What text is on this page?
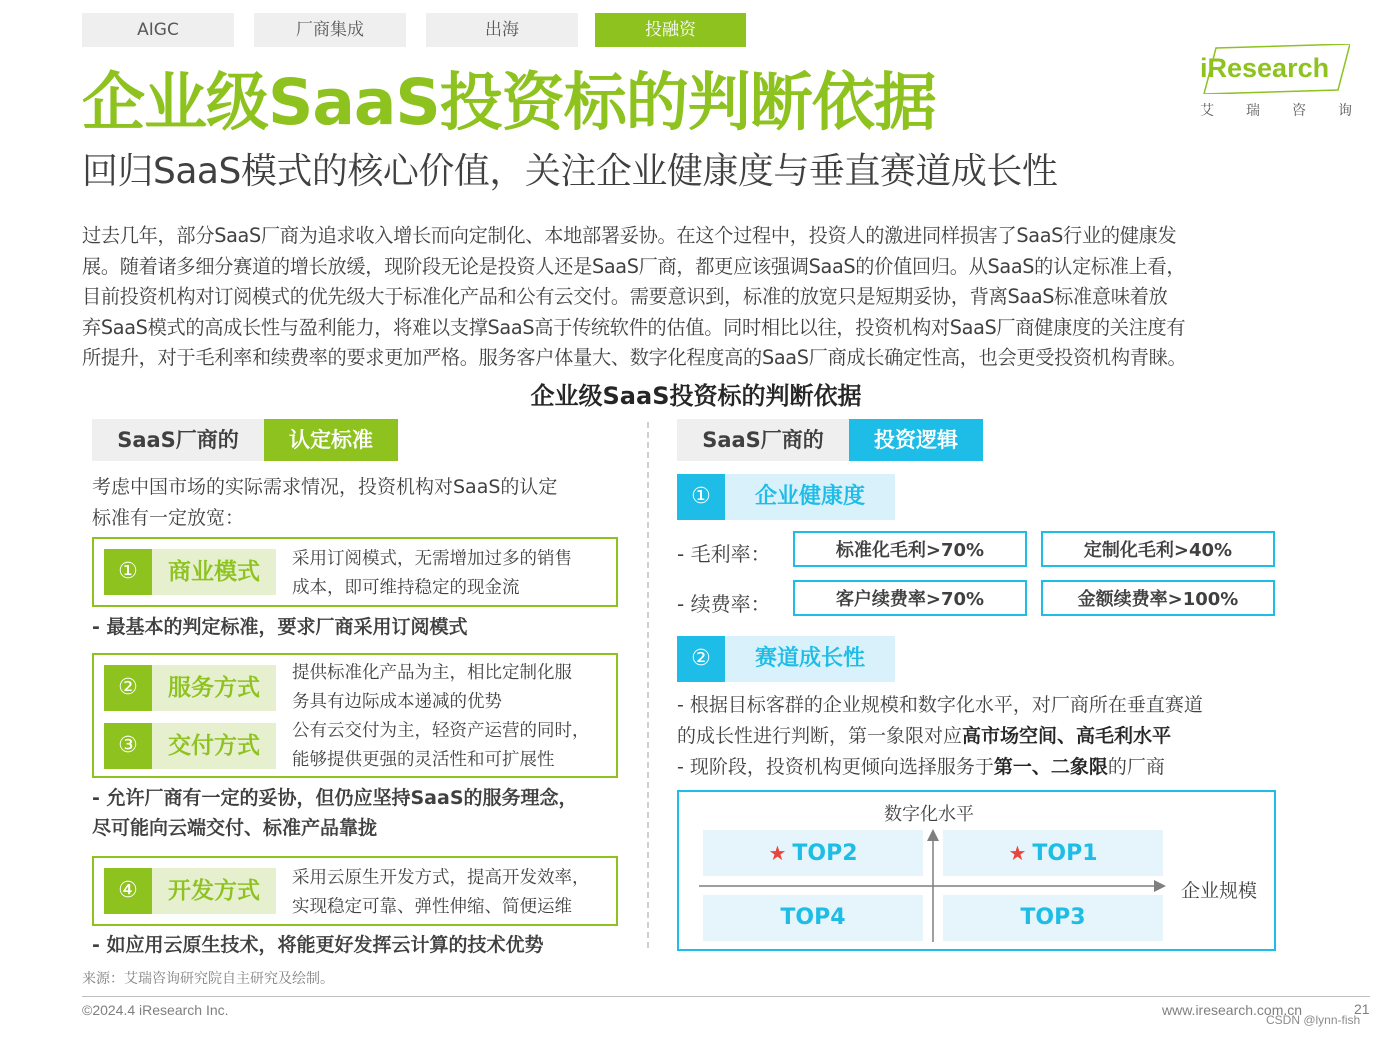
AIGC	厂商集成	出海	投融资
企业级SaaS投资标的判断依据
回归SaaS模式的核心价值，关注企业健康度与垂直赛道成长性
iResearch
艾 瑞 咨 询
过去几年，部分SaaS厂商为追求收入增长而向定制化、本地部署妥协。在这个过程中，投资人的激进同样损害了SaaS行业的健康发
展。随着诸多细分赛道的增长放缓，现阶段无论是投资人还是SaaS厂商，都更应该强调SaaS的价值回归。从SaaS的认定标准上看，
目前投资机构对订阅模式的优先级大于标准化产品和公有云交付。需要意识到，标准的放宽只是短期妥协，背离SaaS标准意味着放
弃SaaS模式的高成长性与盈利能力，将难以支撑SaaS高于传统软件的估值。同时相比以往，投资机构对SaaS厂商健康度的关注度有
所提升，对于毛利率和续费率的要求更加严格。服务客户体量大、数字化程度高的SaaS厂商成长确定性高，也会更受投资机构青睐。
企业级SaaS投资标的判断依据
SaaS厂商的	认定标准
考虑中国市场的实际需求情况，投资机构对SaaS的认定
标准有一定放宽：
①	商业模式	采用订阅模式，无需增加过多的销售
成本，即可维持稳定的现金流
- 最基本的判定标准，要求厂商采用订阅模式
②	服务方式
提供标准化产品为主，相比定制化服
务具有边际成本递减的优势
③	交付方式
公有云交付为主，轻资产运营的同时，
能够提供更强的灵活性和可扩展性
- 允许厂商有一定的妥协，但仍应坚持SaaS的服务理念，
尽可能向云端交付、标准产品靠拢
④	开发方式	采用云原生开发方式，提高开发效率，
实现稳定可靠、弹性伸缩、简便运维
- 如应用云原生技术，将能更好发挥云计算的技术优势
SaaS厂商的	投资逻辑
①	企业健康度
- 毛利率：	标准化毛利>70%	定制化毛利>40%
- 续费率：	客户续费率>70%	金额续费率>100%
②	赛道成长性
- 根据目标客群的企业规模和数字化水平，对厂商所在垂直赛道
的成长性进行判断，第一象限对应高市场空间、高毛利水平
- 现阶段，投资机构更倾向选择服务于第一、二象限的厂商
数字化水平
企业规模
★ TOP2	★ TOP1
TOP4	TOP3
来源：艾瑞咨询研究院自主研究及绘制。
©2024.4 iResearch Inc.	www.iresearch.com.cn	21
CSDN @lynn-fish
